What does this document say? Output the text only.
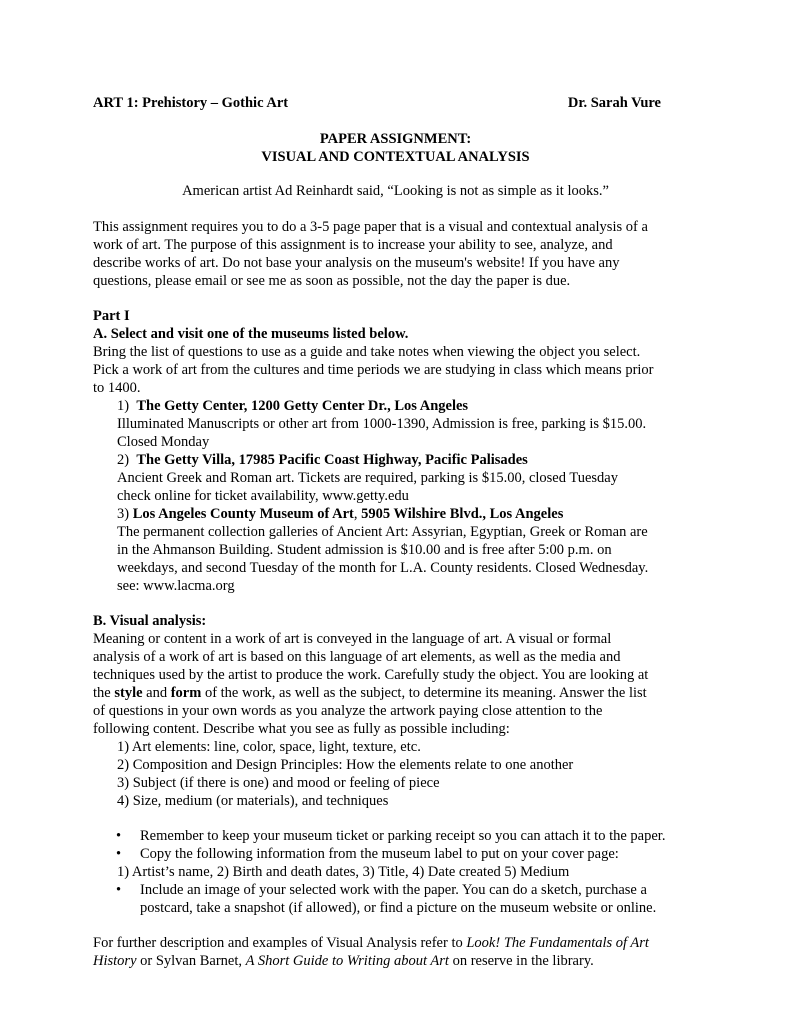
ART 1: Prehistory – Gothic Art	Dr. Sarah Vure
PAPER ASSIGNMENT:
VISUAL AND CONTEXTUAL ANALYSIS
American artist Ad Reinhardt said, “Looking is not as simple as it looks.”
This assignment requires you to do a 3-5 page paper that is a visual and contextual analysis of a
work of art. The purpose of this assignment is to increase your ability to see, analyze, and
describe works of art. Do not base your analysis on the museum's website! If you have any
questions, please email or see me as soon as possible, not the day the paper is due.
Part I
A. Select and visit one of the museums listed below.
Bring the list of questions to use as a guide and take notes when viewing the object you select.
Pick a work of art from the cultures and time periods we are studying in class which means prior
to 1400.
1) The Getty Center, 1200 Getty Center Dr., Los Angeles
Illuminated Manuscripts or other art from 1000-1390, Admission is free, parking is $15.00.
Closed Monday
2) The Getty Villa, 17985 Pacific Coast Highway, Pacific Palisades
Ancient Greek and Roman art. Tickets are required, parking is $15.00, closed Tuesday
check online for ticket availability, www.getty.edu
3) Los Angeles County Museum of Art, 5905 Wilshire Blvd., Los Angeles
The permanent collection galleries of Ancient Art: Assyrian, Egyptian, Greek or Roman are
in the Ahmanson Building. Student admission is $10.00 and is free after 5:00 p.m. on
weekdays, and second Tuesday of the month for L.A. County residents. Closed Wednesday.
see: www.lacma.org
B. Visual analysis:
Meaning or content in a work of art is conveyed in the language of art. A visual or formal
analysis of a work of art is based on this language of art elements, as well as the media and
techniques used by the artist to produce the work. Carefully study the object. You are looking at
the style and form of the work, as well as the subject, to determine its meaning. Answer the list
of questions in your own words as you analyze the artwork paying close attention to the
following content. Describe what you see as fully as possible including:
1) Art elements: line, color, space, light, texture, etc.
2) Composition and Design Principles: How the elements relate to one another
3) Subject (if there is one) and mood or feeling of piece
4) Size, medium (or materials), and techniques
• Remember to keep your museum ticket or parking receipt so you can attach it to the paper.
• Copy the following information from the museum label to put on your cover page:
1) Artist’s name, 2) Birth and death dates, 3) Title, 4) Date created 5) Medium
• Include an image of your selected work with the paper. You can do a sketch, purchase a
postcard, take a snapshot (if allowed), or find a picture on the museum website or online.
For further description and examples of Visual Analysis refer to Look! The Fundamentals of Art
History or Sylvan Barnet, A Short Guide to Writing about Art on reserve in the library.
